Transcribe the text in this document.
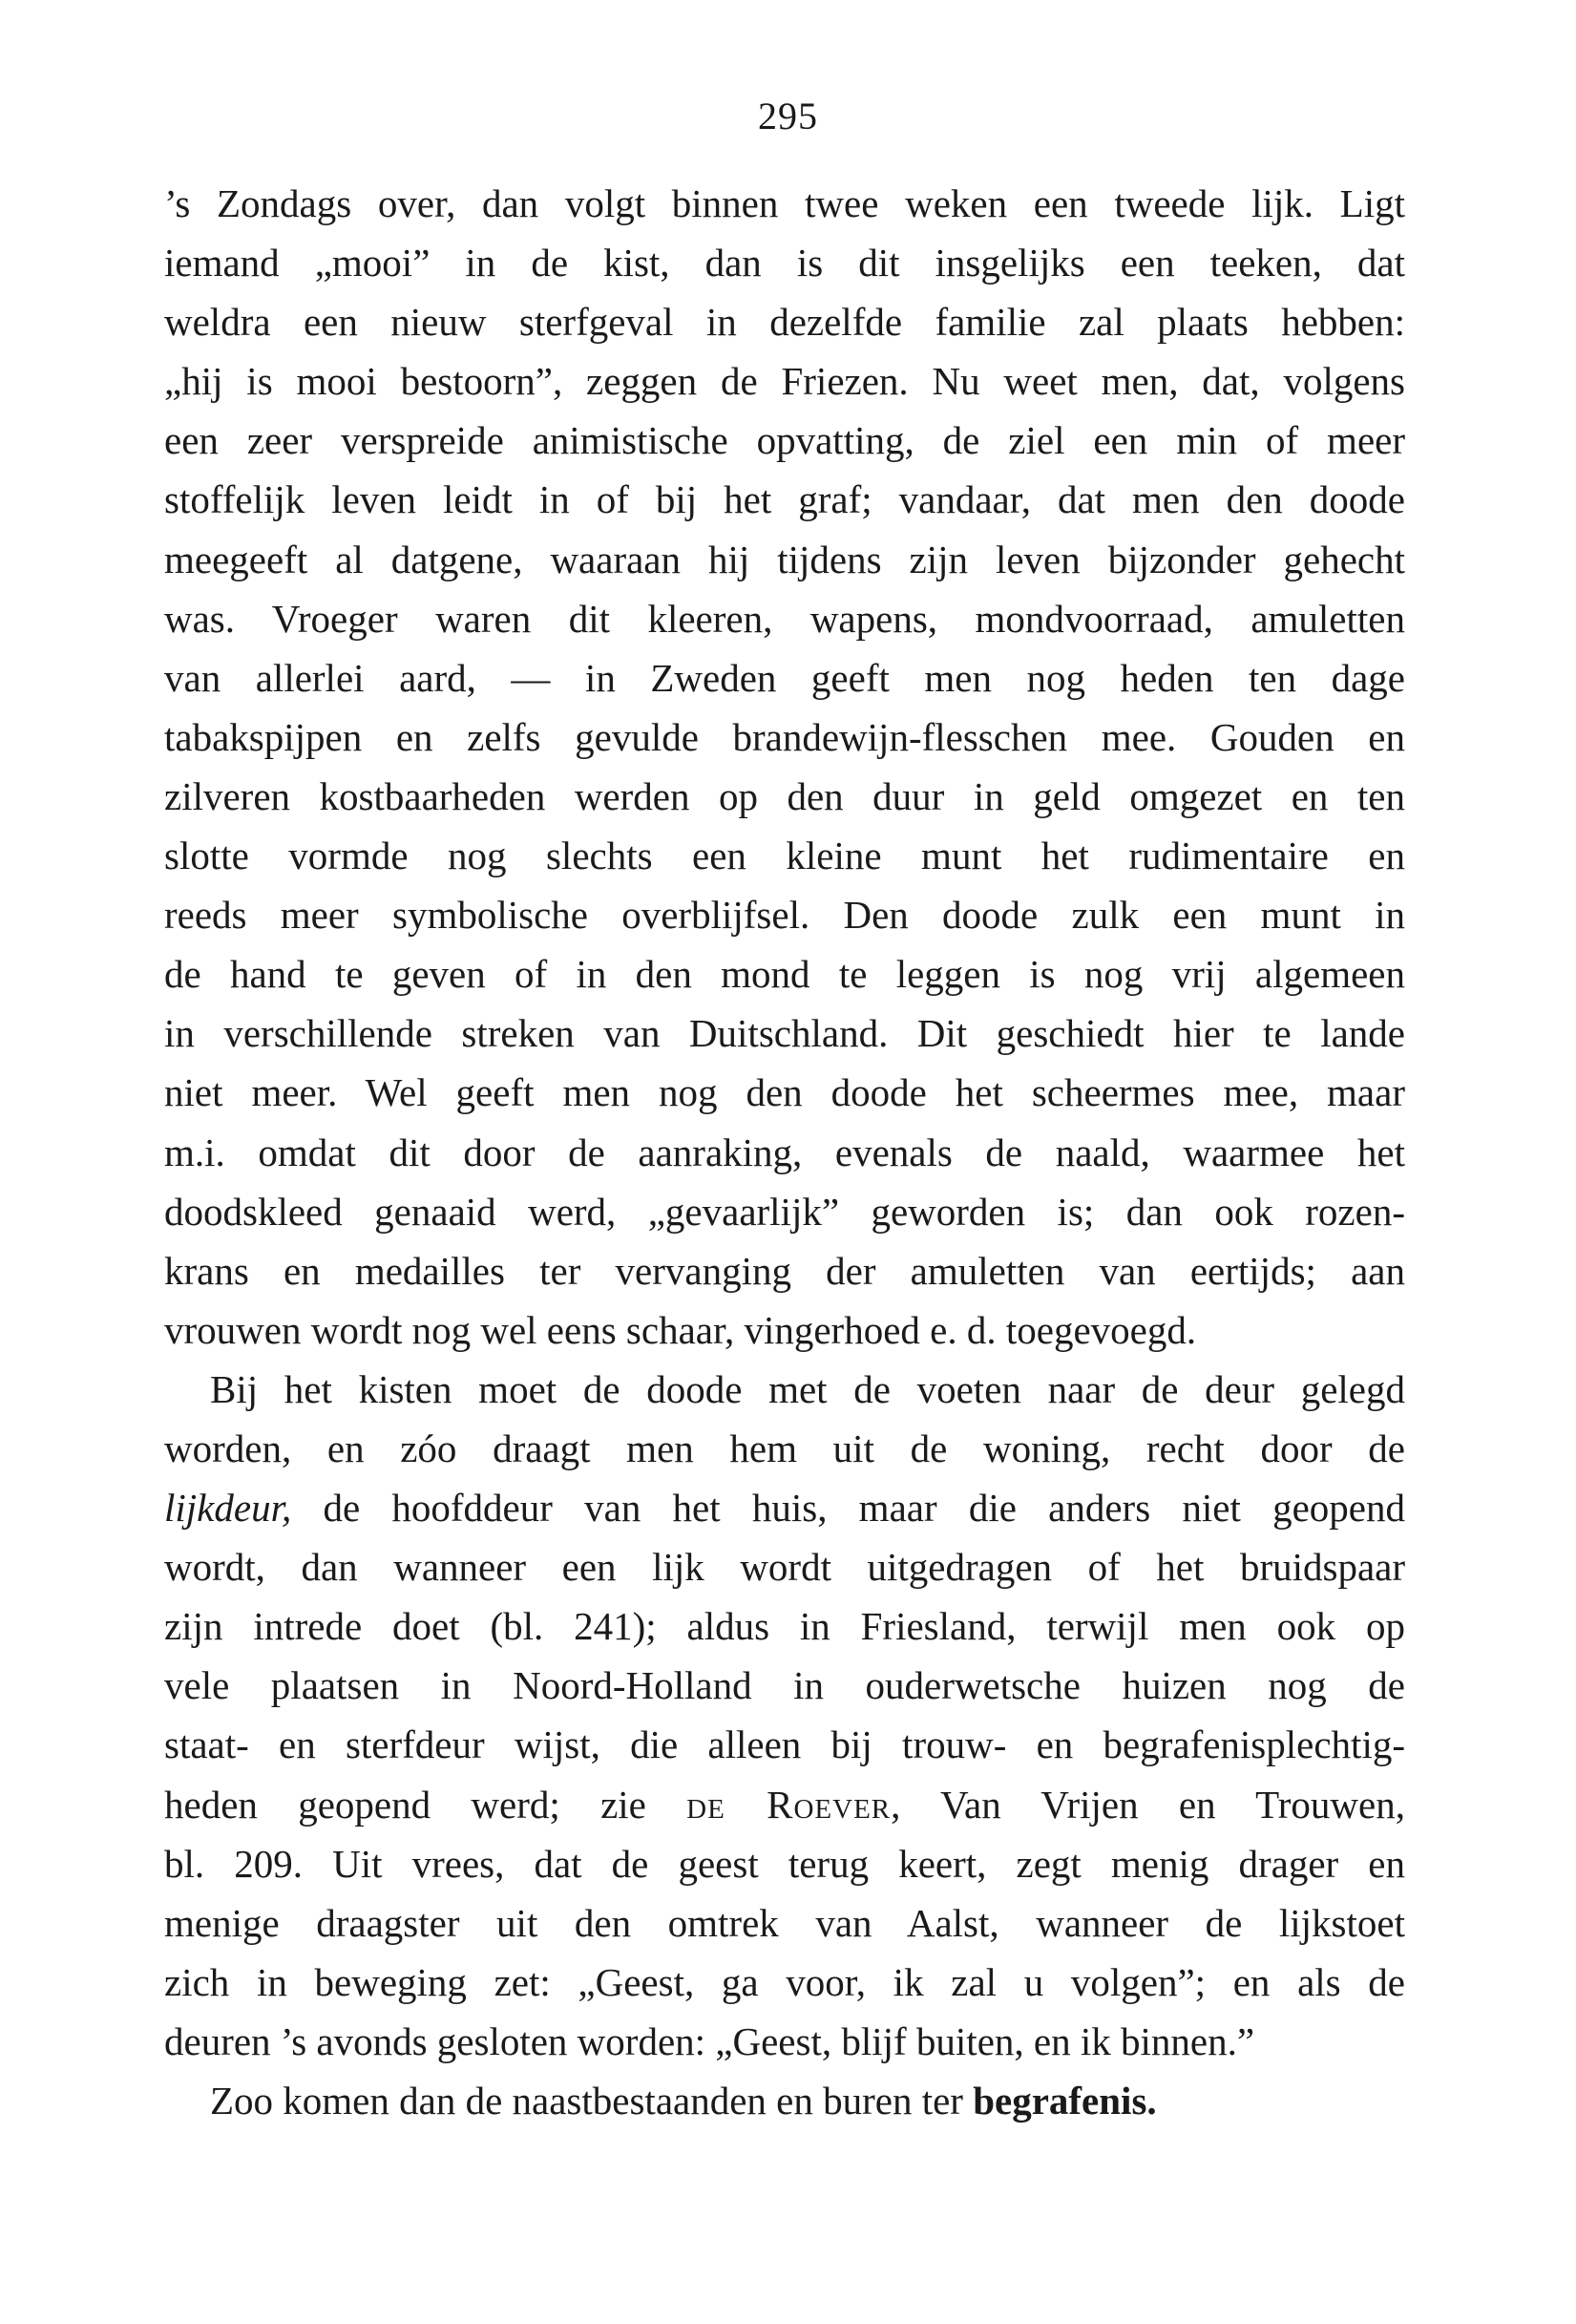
295
’s Zondags over, dan volgt binnen twee weken een tweede lijk. Ligt
iemand „mooi” in de kist, dan is dit insgelijks een teeken, dat
weldra een nieuw sterfgeval in dezelfde familie zal plaats hebben:
„hij is mooi bestoorn”, zeggen de Friezen. Nu weet men, dat, volgens
een zeer verspreide animistische opvatting, de ziel een min of meer
stoffelijk leven leidt in of bij het graf; vandaar, dat men den doode
meegeeft al datgene, waaraan hij tijdens zijn leven bijzonder gehecht
was. Vroeger waren dit kleeren, wapens, mondvoorraad, amuletten
van allerlei aard, — in Zweden geeft men nog heden ten dage
tabakspijpen en zelfs gevulde brandewijn-flesschen mee. Gouden en
zilveren kostbaarheden werden op den duur in geld omgezet en ten
slotte vormde nog slechts een kleine munt het rudimentaire en
reeds meer symbolische overblijfsel. Den doode zulk een munt in
de hand te geven of in den mond te leggen is nog vrij algemeen
in verschillende streken van Duitschland. Dit geschiedt hier te lande
niet meer. Wel geeft men nog den doode het scheermes mee, maar
m.i. omdat dit door de aanraking, evenals de naald, waarmee het
doodskleed genaaid werd, „gevaarlijk” geworden is; dan ook rozen-
krans en medailles ter vervanging der amuletten van eertijds; aan
vrouwen wordt nog wel eens schaar, vingerhoed e. d. toegevoegd.
Bij het kisten moet de doode met de voeten naar de deur gelegd
worden, en zóo draagt men hem uit de woning, recht door de
lijkdeur, de hoofddeur van het huis, maar die anders niet geopend
wordt, dan wanneer een lijk wordt uitgedragen of het bruidspaar
zijn intrede doet (bl. 241); aldus in Friesland, terwijl men ook op
vele plaatsen in Noord-Holland in ouderwetsche huizen nog de
staat- en sterfdeur wijst, die alleen bij trouw- en begrafenisplechtig-
heden geopend werd; zie de Roever, Van Vrijen en Trouwen,
bl. 209. Uit vrees, dat de geest terug keert, zegt menig drager en
menige draagster uit den omtrek van Aalst, wanneer de lijkstoet
zich in beweging zet: „Geest, ga voor, ik zal u volgen”; en als de
deuren ’s avonds gesloten worden: „Geest, blijf buiten, en ik binnen.”
Zoo komen dan de naastbestaanden en buren ter begrafenis.
